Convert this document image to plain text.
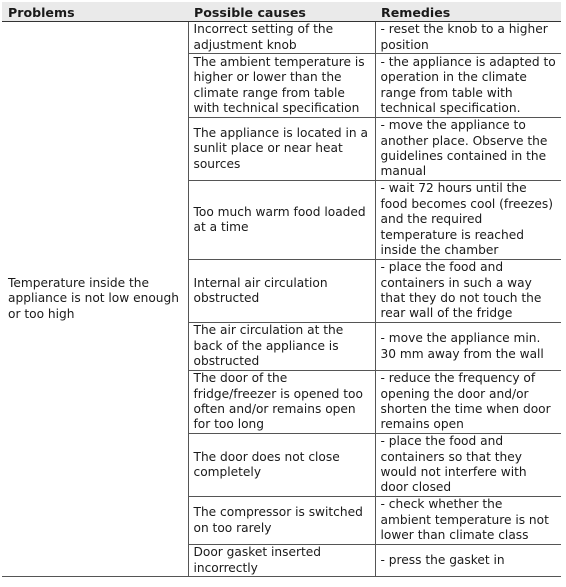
Problems	Possible causes	Remedies

Temperature inside the appliance is not low enough or too high	Incorrect setting of the adjustment knob	- reset the knob to a higher position

	The ambient temperature is higher or lower than the climate range from table with technical specification	- the appliance is adapted to operation in the climate range from table with technical specification.

	The appliance is located in a sunlit place or near heat sources	- move the appliance to another place. Observe the guidelines contained in the manual

	Too much warm food loaded at a time	- wait 72 hours until the food becomes cool (freezes) and the required temperature is reached inside the chamber

	Internal air circulation obstructed	- place the food and containers in such a way that they do not touch the rear wall of the fridge

	The air circulation at the back of the appliance is obstructed	- move the appliance min. 30 mm away from the wall

	The door of the fridge/freezer is opened too often and/or remains open for too long	- reduce the frequency of opening the door and/or shorten the time when door remains open

	The door does not close completely	- place the food and containers so that they would not interfere with door closed

	The compressor is switched on too rarely	- check whether the ambient temperature is not lower than climate class

	Door gasket inserted incorrectly	- press the gasket in
